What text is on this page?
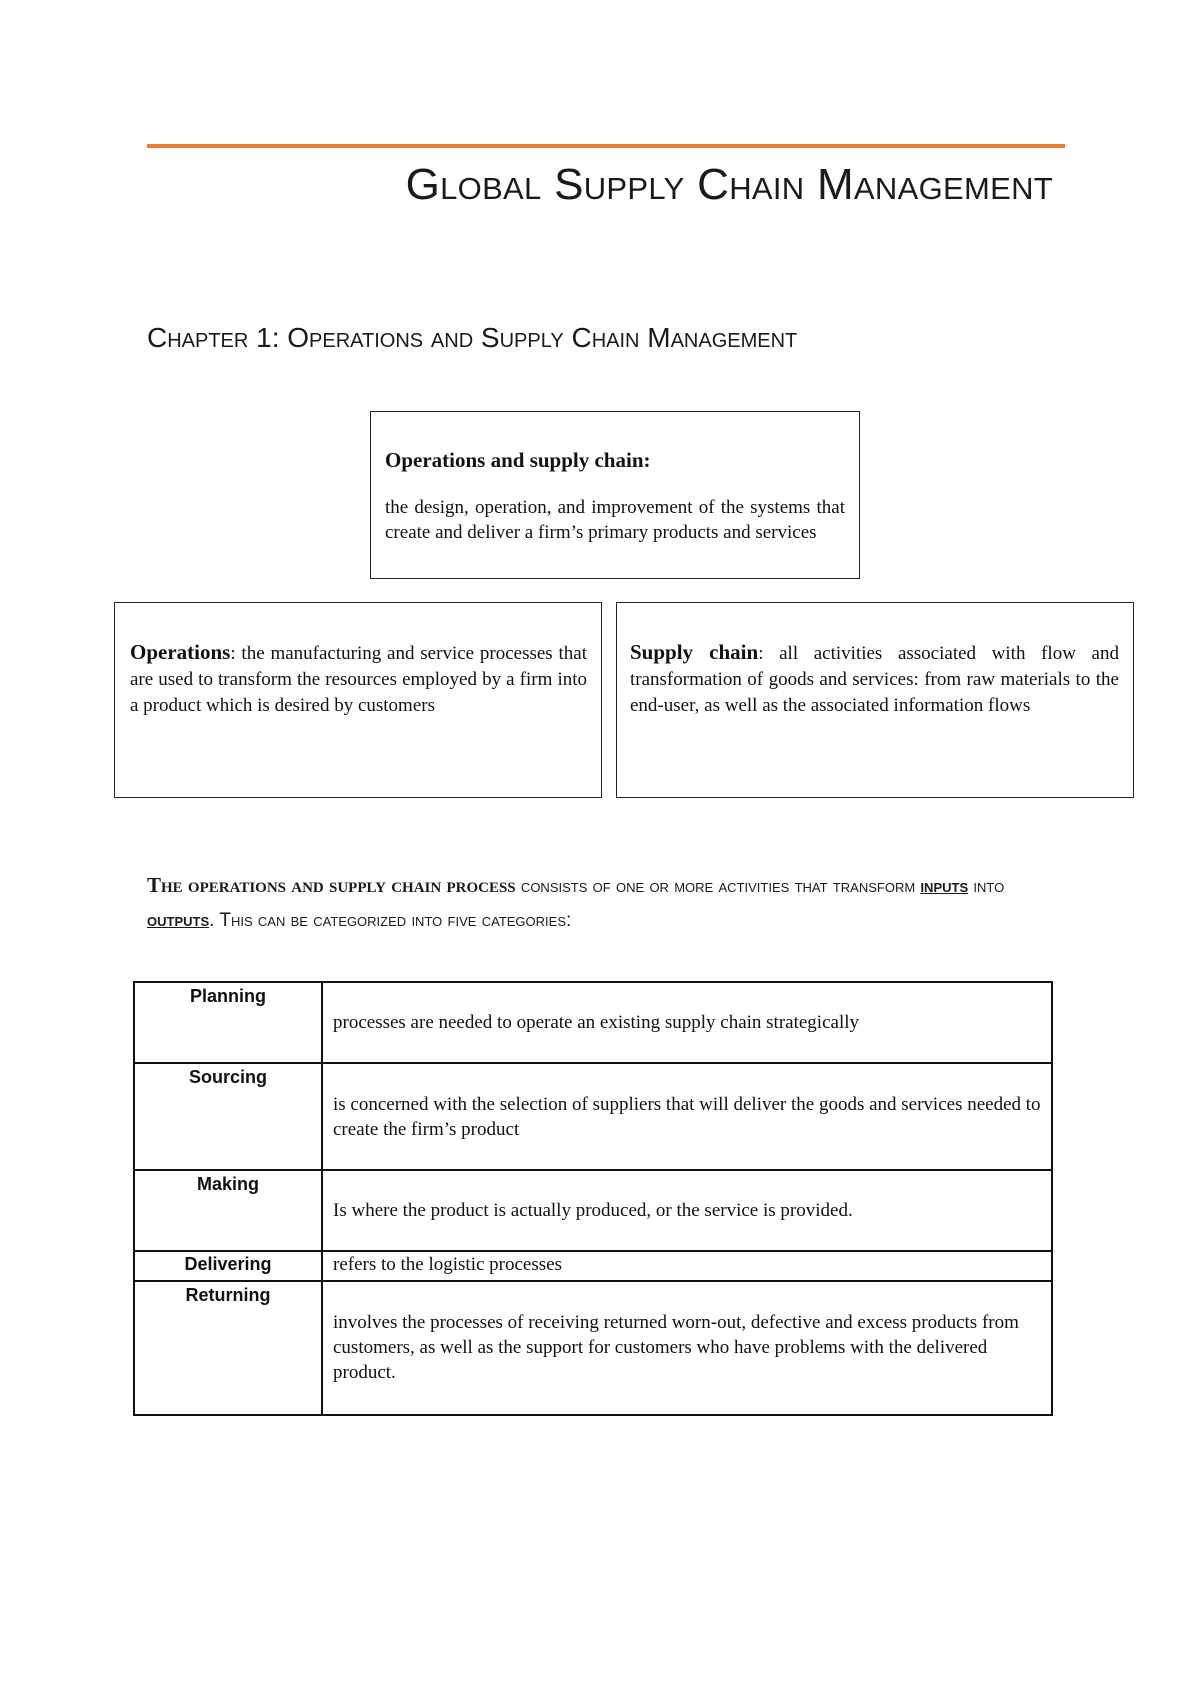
Global Supply Chain Management
Chapter 1: Operations and Supply Chain Management

Operations and supply chain:

the design, operation, and improvement of the systems that create and deliver a firm’s primary products and services

Operations: the manufacturing and service processes that are used to transform the resources employed by a firm into a product which is desired by customers

Supply chain: all activities associated with flow and transformation of goods and services: from raw materials to the end-user, as well as the associated information flows

The operations and supply chain process consists of one or more activities that transform inputs into outputs. This can be categorized into five categories:
Planning	processes are needed to operate an existing supply chain strategically
Sourcing	is concerned with the selection of suppliers that will deliver the goods and services needed to create the firm’s product
Making	Is where the product is actually produced, or the service is provided.
Delivering	refers to the logistic processes
Returning	involves the processes of receiving returned worn-out, defective and excess products from customers, as well as the support for customers who have problems with the delivered product.
